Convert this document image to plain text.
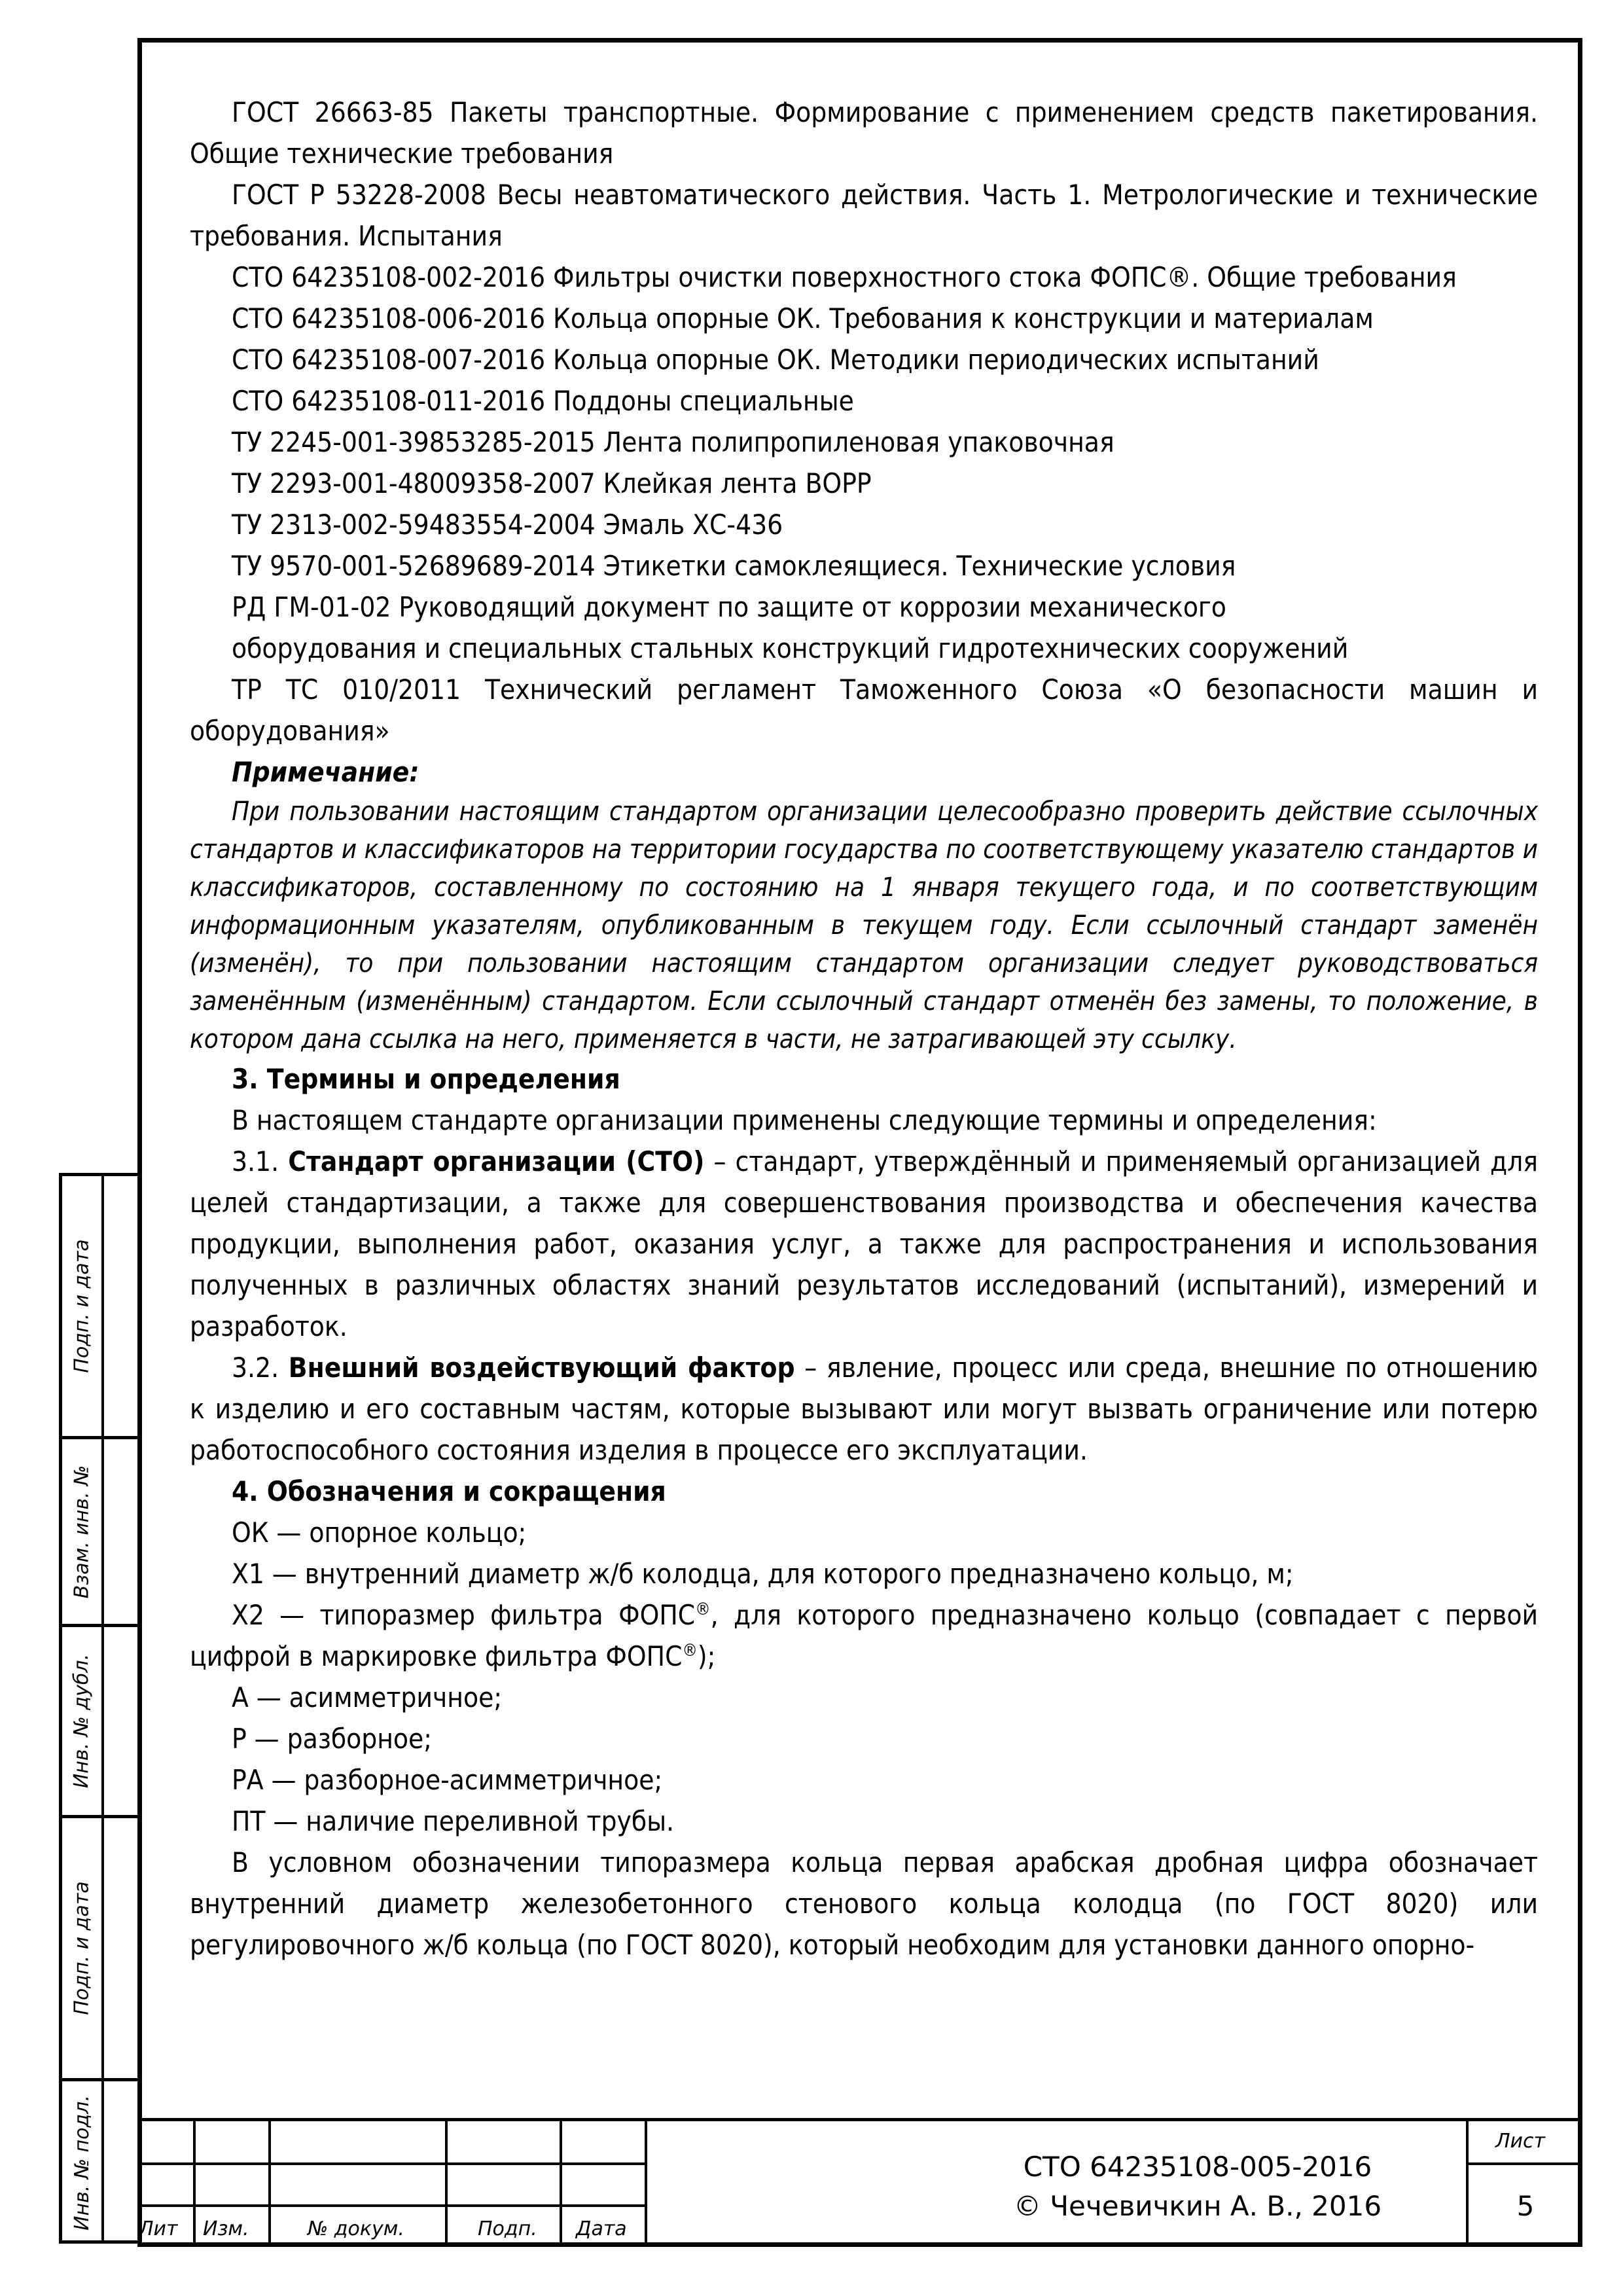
ГОСТ 26663-85 Пакеты транспортные. Формирование с применением средств пакетирования. Общие технические требования

ГОСТ Р 53228-2008 Весы неавтоматического действия. Часть 1. Метрологические и технические требования. Испытания

СТО 64235108-002-2016 Фильтры очистки поверхностного стока ФОПС®. Общие требования

СТО 64235108-006-2016 Кольца опорные ОК. Требования к конструкции и материалам

СТО 64235108-007-2016 Кольца опорные ОК. Методики периодических испытаний

СТО 64235108-011-2016 Поддоны специальные

ТУ 2245-001-39853285-2015 Лента полипропиленовая упаковочная

ТУ 2293-001-48009358-2007 Клейкая лента ВОРР

ТУ 2313-002-59483554-2004 Эмаль ХС-436

ТУ 9570-001-52689689-2014 Этикетки самоклеящиеся. Технические условия

РД ГМ-01-02 Руководящий документ по защите от коррозии механического

оборудования и специальных стальных конструкций гидротехнических сооружений

ТР ТС 010/2011 Технический регламент Таможенного Союза «О безопасности машин и оборудования»

Примечание:

При пользовании настоящим стандартом организации целесообразно проверить действие ссылочных стандартов и классификаторов на территории государства по соответствующему указателю стандартов и классификаторов, составленному по состоянию на 1 января текущего года, и по соответствующим информационным указателям, опубликованным в текущем году. Если ссылочный стандарт заменён (изменён), то при пользовании настоящим стандартом организации следует руководствоваться заменённым (изменённым) стандартом. Если ссылочный стандарт отменён без замены, то положение, в котором дана ссылка на него, применяется в части, не затрагивающей эту ссылку.

3. Термины и определения

В настоящем стандарте организации применены следующие термины и определения:

3.1. Стандарт организации (СТО) – стандарт, утверждённый и применяемый организацией для целей стандартизации, а также для совершенствования производства и обеспечения качества продукции, выполнения работ, оказания услуг, а также для распространения и использования полученных в различных областях знаний результатов исследований (испытаний), измерений и разработок.

3.2. Внешний воздействующий фактор – явление, процесс или среда, внешние по отношению к изделию и его составным частям, которые вызывают или могут вызвать ограничение или потерю работоспособного состояния изделия в процессе его эксплуатации.

4. Обозначения и сокращения

ОК — опорное кольцо;

Х1 — внутренний диаметр ж/б колодца, для которого предназначено кольцо, м;

Х2 — типоразмер фильтра ФОПС®, для которого предназначено кольцо (совпадает с первой цифрой в маркировке фильтра ФОПС®);

А — асимметричное;

Р — разборное;

РА — разборное-асимметричное;

ПТ — наличие переливной трубы.

В условном обозначении типоразмера кольца первая арабская дробная цифра обозначает внутренний диаметр железобетонного стенового кольца колодца (по ГОСТ 8020) или регулировочного ж/б кольца (по ГОСТ 8020), который необходим для установки данного опорно-

Подп. и дата
Взам. инв. №
Инв. № дубл.
Подп. и дата
Инв. № подл. Лит Изм.	№ докум.	Подп. Дата
СТО 64235108-005-2016
© Чечевичкин А. В., 2016
Лист
5
